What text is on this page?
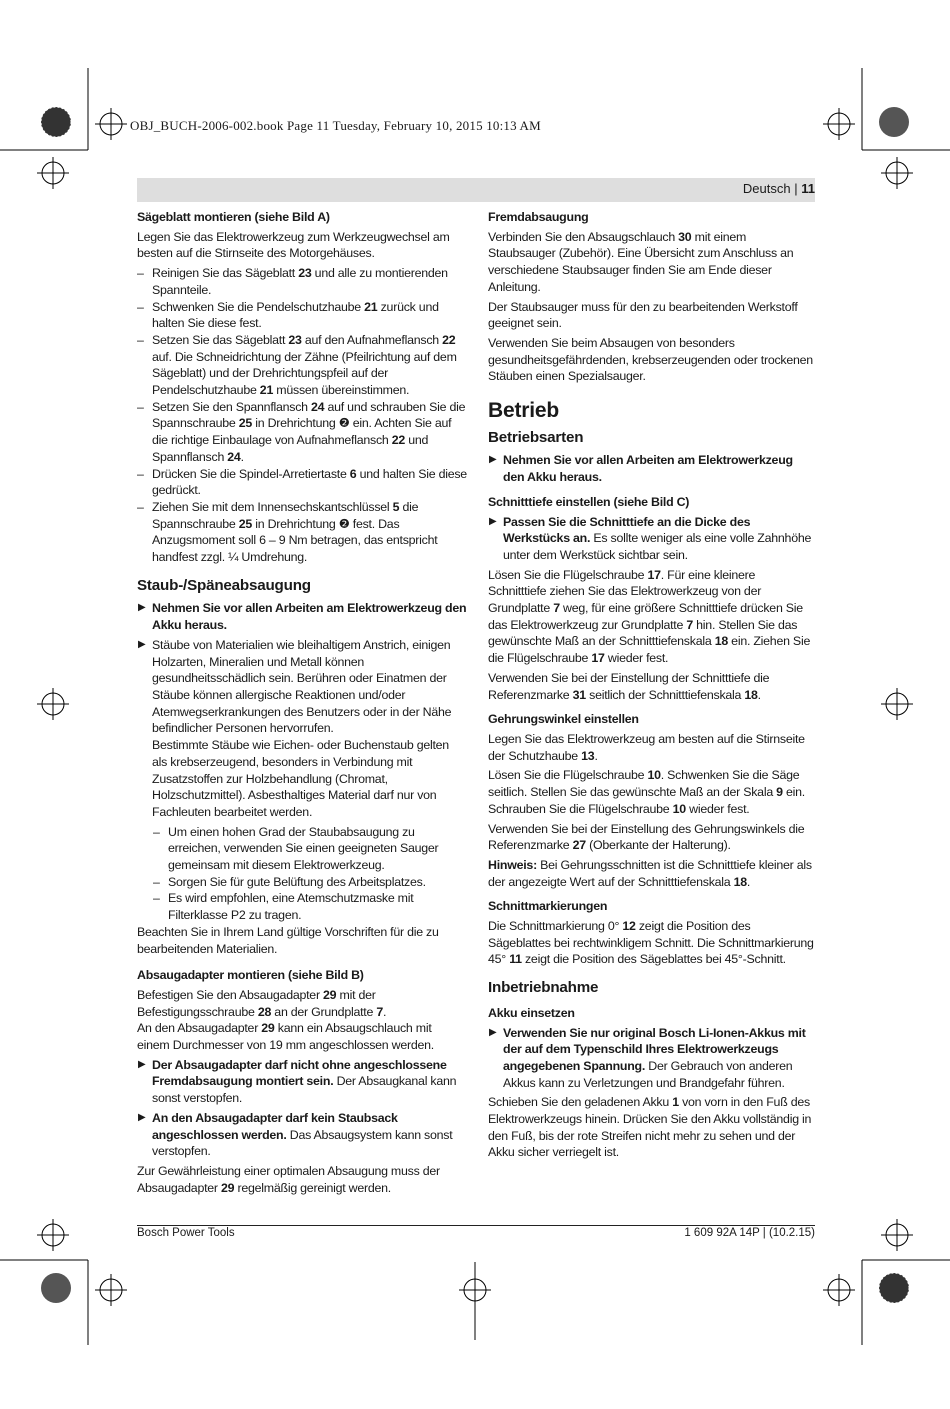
OBJ_BUCH-2006-002.book Page 11 Tuesday, February 10, 2015 10:13 AM
Deutsch | 11
Sägeblatt montieren (siehe Bild A)

Legen Sie das Elektrowerkzeug zum Werkzeugwechsel am besten auf die Stirnseite des Motorgehäuses.

– Reinigen Sie das Sägeblatt 23 und alle zu montierenden Spannteile.
– Schwenken Sie die Pendelschutzhaube 21 zurück und halten Sie diese fest.
– Setzen Sie das Sägeblatt 23 auf den Aufnahmeflansch 22 auf. Die Schneidrichtung der Zähne (Pfeilrichtung auf dem Sägeblatt) und der Drehrichtungspfeil auf der Pendelschutzhaube 21 müssen übereinstimmen.
– Setzen Sie den Spannflansch 24 auf und schrauben Sie die Spannschraube 25 in Drehrichtung ❷ ein. Achten Sie auf die richtige Einbaulage von Aufnahmeflansch 22 und Spannflansch 24.
– Drücken Sie die Spindel-Arretiertaste 6 und halten Sie diese gedrückt.
– Ziehen Sie mit dem Innensechskantschlüssel 5 die Spannschraube 25 in Drehrichtung ❷ fest. Das Anzugsmoment soll 6 – 9 Nm betragen, das entspricht handfest zzgl. ¼ Umdrehung.
Staub-/Späneabsaugung
▶ Nehmen Sie vor allen Arbeiten am Elektrowerkzeug den Akku heraus.
▶ Stäube von Materialien wie bleihaltigem Anstrich, einigen Holzarten, Mineralien und Metall können gesundheitsschädlich sein. Berühren oder Einatmen der Stäube können allergische Reaktionen und/oder Atemwegserkrankungen des Benutzers oder in der Nähe befindlicher Personen hervorrufen.
Bestimmte Stäube wie Eichen- oder Buchenstaub gelten als krebserzeugend, besonders in Verbindung mit Zusatzstoffen zur Holzbehandlung (Chromat, Holzschutzmittel). Asbesthaltiges Material darf nur von Fachleuten bearbeitet werden.
– Um einen hohen Grad der Staubabsaugung zu erreichen, verwenden Sie einen geeigneten Sauger gemeinsam mit diesem Elektrowerkzeug.
– Sorgen Sie für gute Belüftung des Arbeitsplatzes.
– Es wird empfohlen, eine Atemschutzmaske mit Filterklasse P2 zu tragen.

Beachten Sie in Ihrem Land gültige Vorschriften für die zu bearbeitenden Materialien.

Absaugadapter montieren (siehe Bild B)
Befestigen Sie den Absaugadapter 29 mit der Befestigungsschraube 28 an der Grundplatte 7.

An den Absaugadapter 29 kann ein Absaugschlauch mit einem Durchmesser von 19 mm angeschlossen werden.

▶ Der Absaugadapter darf nicht ohne angeschlossene Fremdabsaugung montiert sein. Der Absaugkanal kann sonst verstopfen.
▶ An den Absaugadapter darf kein Staubsack angeschlossen werden. Das Absaugsystem kann sonst verstopfen.

Zur Gewährleistung einer optimalen Absaugung muss der Absaugadapter 29 regelmäßig gereinigt werden.

Fremdabsaugung

Verbinden Sie den Absaugschlauch 30 mit einem Staubsauger (Zubehör). Eine Übersicht zum Anschluss an verschiedene Staubsauger finden Sie am Ende dieser Anleitung.

Der Staubsauger muss für den zu bearbeitenden Werkstoff geeignet sein.

Verwenden Sie beim Absaugen von besonders gesundheitsgefährdenden, krebserzeugenden oder trockenen Stäuben einen Spezialsauger.

Betrieb
Betriebsarten
▶ Nehmen Sie vor allen Arbeiten am Elektrowerkzeug den Akku heraus.
Schnitttiefe einstellen (siehe Bild C)
▶ Passen Sie die Schnitttiefe an die Dicke des Werkstücks an. Es sollte weniger als eine volle Zahnhöhe unter dem Werkstück sichtbar sein.

Lösen Sie die Flügelschraube 17. Für eine kleinere Schnitttiefe ziehen Sie das Elektrowerkzeug von der Grundplatte 7 weg, für eine größere Schnitttiefe drücken Sie das Elektrowerkzeug zur Grundplatte 7 hin. Stellen Sie das gewünschte Maß an der Schnitttiefenskala 18 ein. Ziehen Sie die Flügelschraube 17 wieder fest.

Verwenden Sie bei der Einstellung der Schnitttiefe die Referenzmarke 31 seitlich der Schnitttiefenskala 18.

Gehrungswinkel einstellen

Legen Sie das Elektrowerkzeug am besten auf die Stirnseite der Schutzhaube 13.

Lösen Sie die Flügelschraube 10. Schwenken Sie die Säge seitlich. Stellen Sie das gewünschte Maß an der Skala 9 ein. Schrauben Sie die Flügelschraube 10 wieder fest.

Verwenden Sie bei der Einstellung des Gehrungswinkels die Referenzmarke 27 (Oberkante der Halterung).

Hinweis: Bei Gehrungsschnitten ist die Schnitttiefe kleiner als der angezeigte Wert auf der Schnitttiefenskala 18.

Schnittmarkierungen

Die Schnittmarkierung 0° 12 zeigt die Position des Sägeblattes bei rechtwinkligem Schnitt. Die Schnittmarkierung 45° 11 zeigt die Position des Sägeblattes bei 45°-Schnitt.

Inbetriebnahme
Akku einsetzen
▶ Verwenden Sie nur original Bosch Li-Ionen-Akkus mit der auf dem Typenschild Ihres Elektrowerkzeugs angegebenen Spannung. Der Gebrauch von anderen Akkus kann zu Verletzungen und Brandgefahr führen.

Schieben Sie den geladenen Akku 1 von vorn in den Fuß des Elektrowerkzeugs hinein. Drücken Sie den Akku vollständig in den Fuß, bis der rote Streifen nicht mehr zu sehen und der Akku sicher verriegelt ist.

Bosch Power Tools	1 609 92A 14P | (10.2.15)
